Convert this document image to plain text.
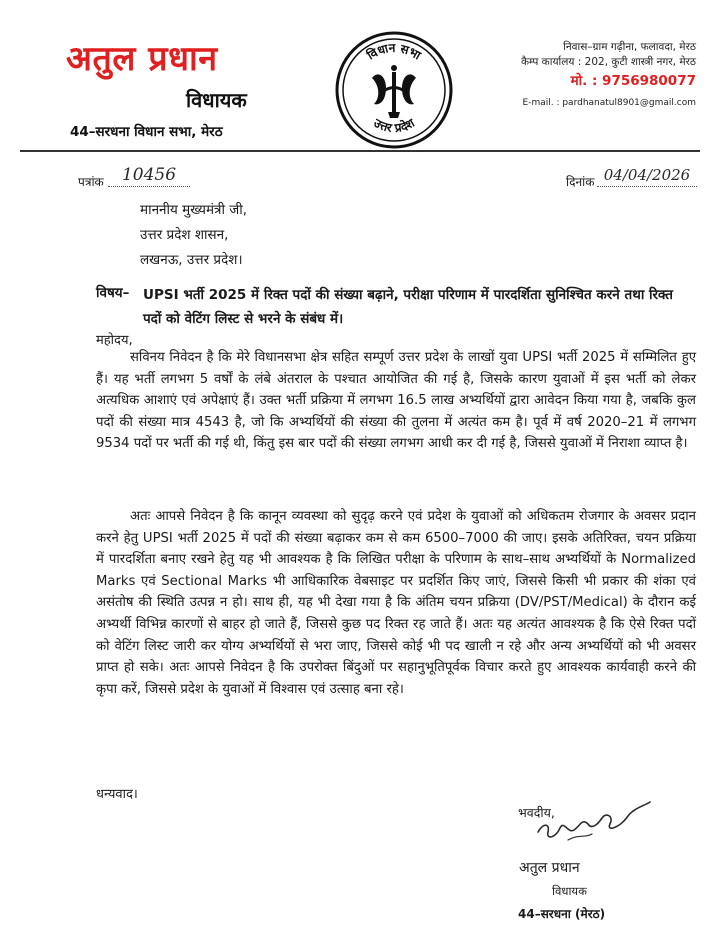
अतुल प्रधान
विधायक
44–सरधना विधान सभा, मेरठ
विधान सभा
उत्तर प्रदेश
निवास–ग्राम गढ़ीना, फलावदा, मेरठ
कैम्प कार्यालय : 202, कुटी शास्त्री नगर, मेरठ
मो. : 9756980077
E-mail. : pardhanatul8901@gmail.com
पत्रांक	10456	दिनांक 04/04/2026
माननीय मुख्यमंत्री जी,
उत्तर प्रदेश शासन,
लखनऊ, उत्तर प्रदेश।
विषय– UPSI भर्ती 2025 में रिक्त पदों की संख्या बढ़ाने, परीक्षा परिणाम में पारदर्शिता सुनिश्चित करने तथा रिक्त पदों को वेटिंग लिस्ट से भरने के संबंध में।
महोदय,
सविनय निवेदन है कि मेरे विधानसभा क्षेत्र सहित सम्पूर्ण उत्तर प्रदेश के लाखों युवा UPSI भर्ती 2025 में सम्मिलित हुए हैं। यह भर्ती लगभग 5 वर्षों के लंबे अंतराल के पश्चात आयोजित की गई है, जिसके कारण युवाओं में इस भर्ती को लेकर अत्यधिक आशाएं एवं अपेक्षाएं हैं। उक्त भर्ती प्रक्रिया में लगभग 16.5 लाख अभ्यर्थियों द्वारा आवेदन किया गया है, जबकि कुल पदों की संख्या मात्र 4543 है, जो कि अभ्यर्थियों की संख्या की तुलना में अत्यंत कम है। पूर्व में वर्ष 2020–21 में लगभग 9534 पदों पर भर्ती की गई थी, किंतु इस बार पदों की संख्या लगभग आधी कर दी गई है, जिससे युवाओं में निराशा व्याप्त है।
अतः आपसे निवेदन है कि कानून व्यवस्था को सुदृढ़ करने एवं प्रदेश के युवाओं को अधिकतम रोजगार के अवसर प्रदान करने हेतु UPSI भर्ती 2025 में पदों की संख्या बढ़ाकर कम से कम 6500–7000 की जाए। इसके अतिरिक्त, चयन प्रक्रिया में पारदर्शिता बनाए रखने हेतु यह भी आवश्यक है कि लिखित परीक्षा के परिणाम के साथ–साथ अभ्यर्थियों के Normalized Marks एवं Sectional Marks भी आधिकारिक वेबसाइट पर प्रदर्शित किए जाएं, जिससे किसी भी प्रकार की शंका एवं असंतोष की स्थिति उत्पन्न न हो। साथ ही, यह भी देखा गया है कि अंतिम चयन प्रक्रिया (DV/PST/Medical) के दौरान कई अभ्यर्थी विभिन्न कारणों से बाहर हो जाते हैं, जिससे कुछ पद रिक्त रह जाते हैं। अतः यह अत्यंत आवश्यक है कि ऐसे रिक्त पदों को वेटिंग लिस्ट जारी कर योग्य अभ्यर्थियों से भरा जाए, जिससे कोई भी पद खाली न रहे और अन्य अभ्यर्थियों को भी अवसर प्राप्त हो सके। अतः आपसे निवेदन है कि उपरोक्त बिंदुओं पर सहानुभूतिपूर्वक विचार करते हुए आवश्यक कार्यवाही करने की कृपा करें, जिससे प्रदेश के युवाओं में विश्वास एवं उत्साह बना रहे।
धन्यवाद।
भवदीय,
अतुल प्रधान
विधायक
44–सरधना (मेरठ)
